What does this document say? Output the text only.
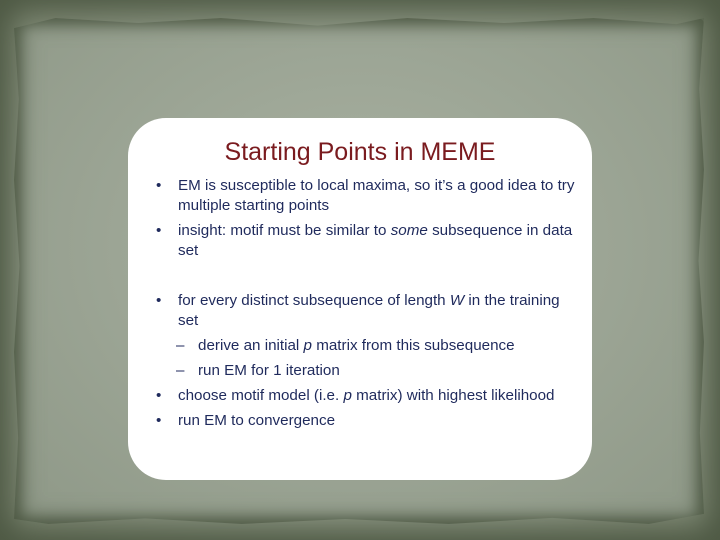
Starting Points in MEME
• EM is susceptible to local maxima, so it’s a good idea to try multiple starting points
• insight: motif must be similar to some subsequence in data set
• for every distinct subsequence of length W in the training set
– derive an initial p matrix from this subsequence
– run EM for 1 iteration
• choose motif model (i.e. p matrix) with highest likelihood
• run EM to convergence
